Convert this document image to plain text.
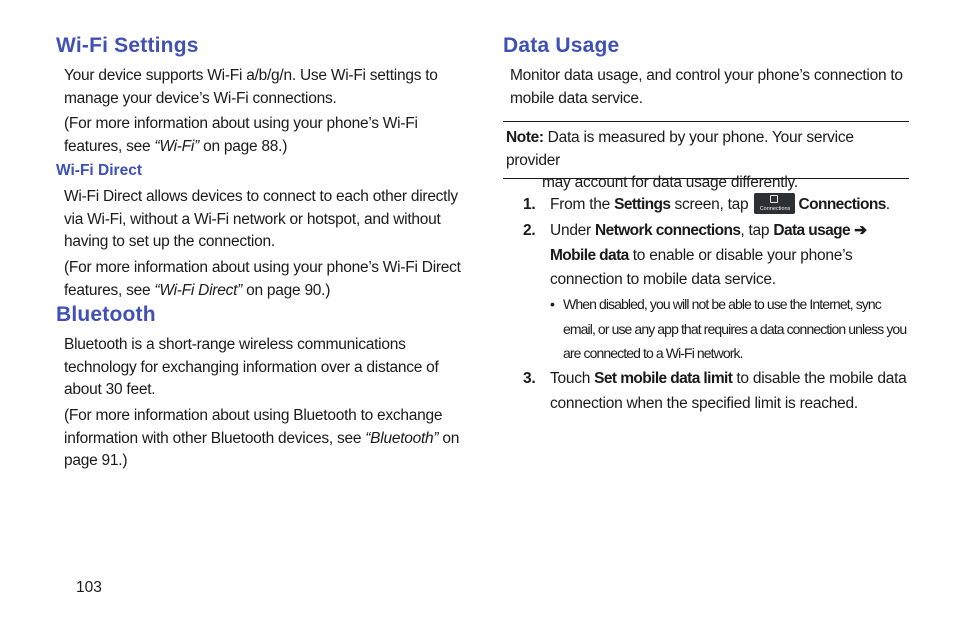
Wi-Fi Settings

Your device supports Wi-Fi a/b/g/n. Use Wi-Fi settings to manage your device’s Wi-Fi connections.

(For more information about using your phone’s Wi-Fi features, see “Wi-Fi” on page 88.)

Wi-Fi Direct

Wi-Fi Direct allows devices to connect to each other directly via Wi-Fi, without a Wi-Fi network or hotspot, and without having to set up the connection.

(For more information about using your phone’s Wi-Fi Direct features, see “Wi-Fi Direct” on page 90.)

Bluetooth

Bluetooth is a short-range wireless communications technology for exchanging information over a distance of about 30 feet.

(For more information about using Bluetooth to exchange information with other Bluetooth devices, see “Bluetooth” on page 91.)

Data Usage

Monitor data usage, and control your phone’s connection to mobile data service.

Note: Data is measured by your phone. Your service provider
may account for data usage differently.
1. From the Settings screen, tap	Connections Connections.
2. Under Network connections, tap Data usage ➔
Mobile data to enable or disable your phone’s connection to mobile data service.
• When disabled, you will not be able to use the Internet, sync email, or use any app that requires a data connection unless you are connected to a Wi-Fi network.
3. Touch Set mobile data limit to disable the mobile data connection when the specified limit is reached.
103
